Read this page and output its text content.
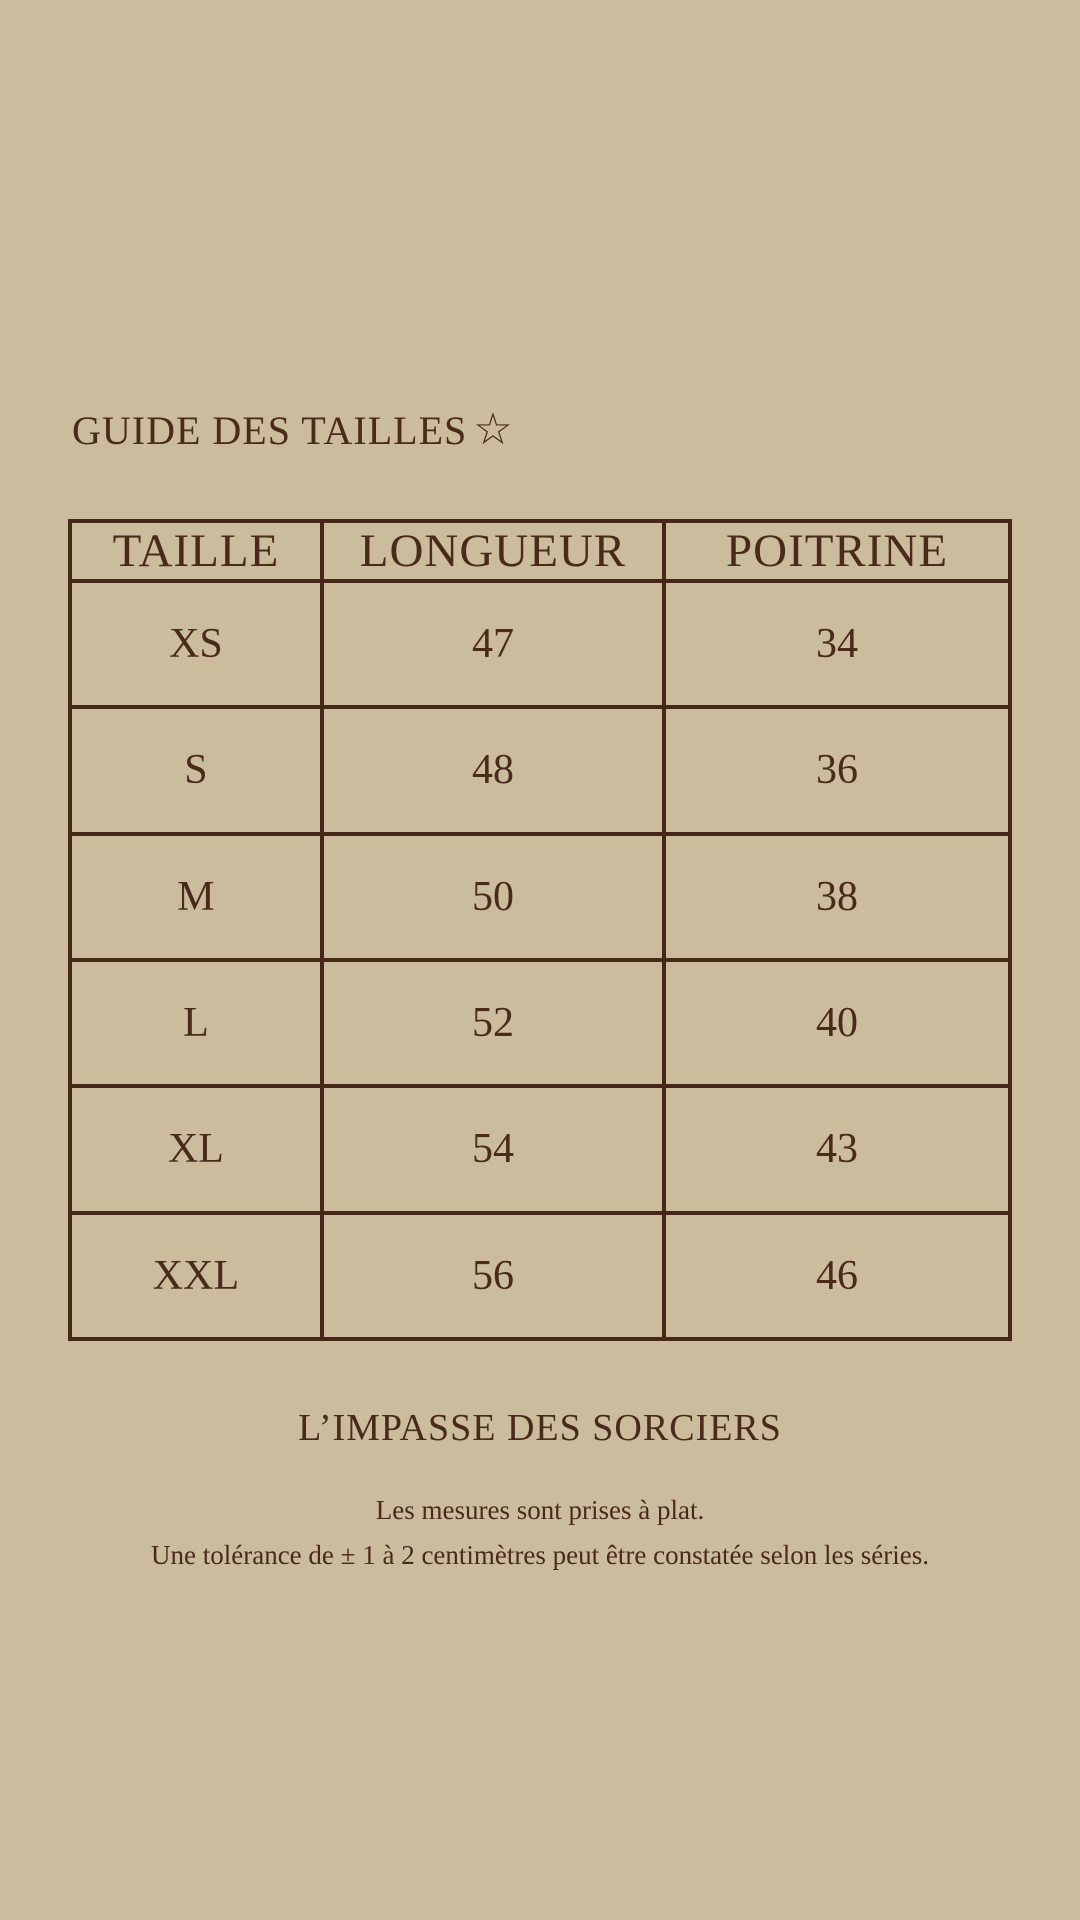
GUIDE DES TAILLES ☆
TAILLE	LONGUEUR	POITRINE
XS	47	34
S	48	36
M	50	38
L	52	40
XL	54	43
XXL	56	46
L’IMPASSE DES SORCIERS
Les mesures sont prises à plat.
Une tolérance de ± 1 à 2 centimètres peut être constatée selon les séries.
